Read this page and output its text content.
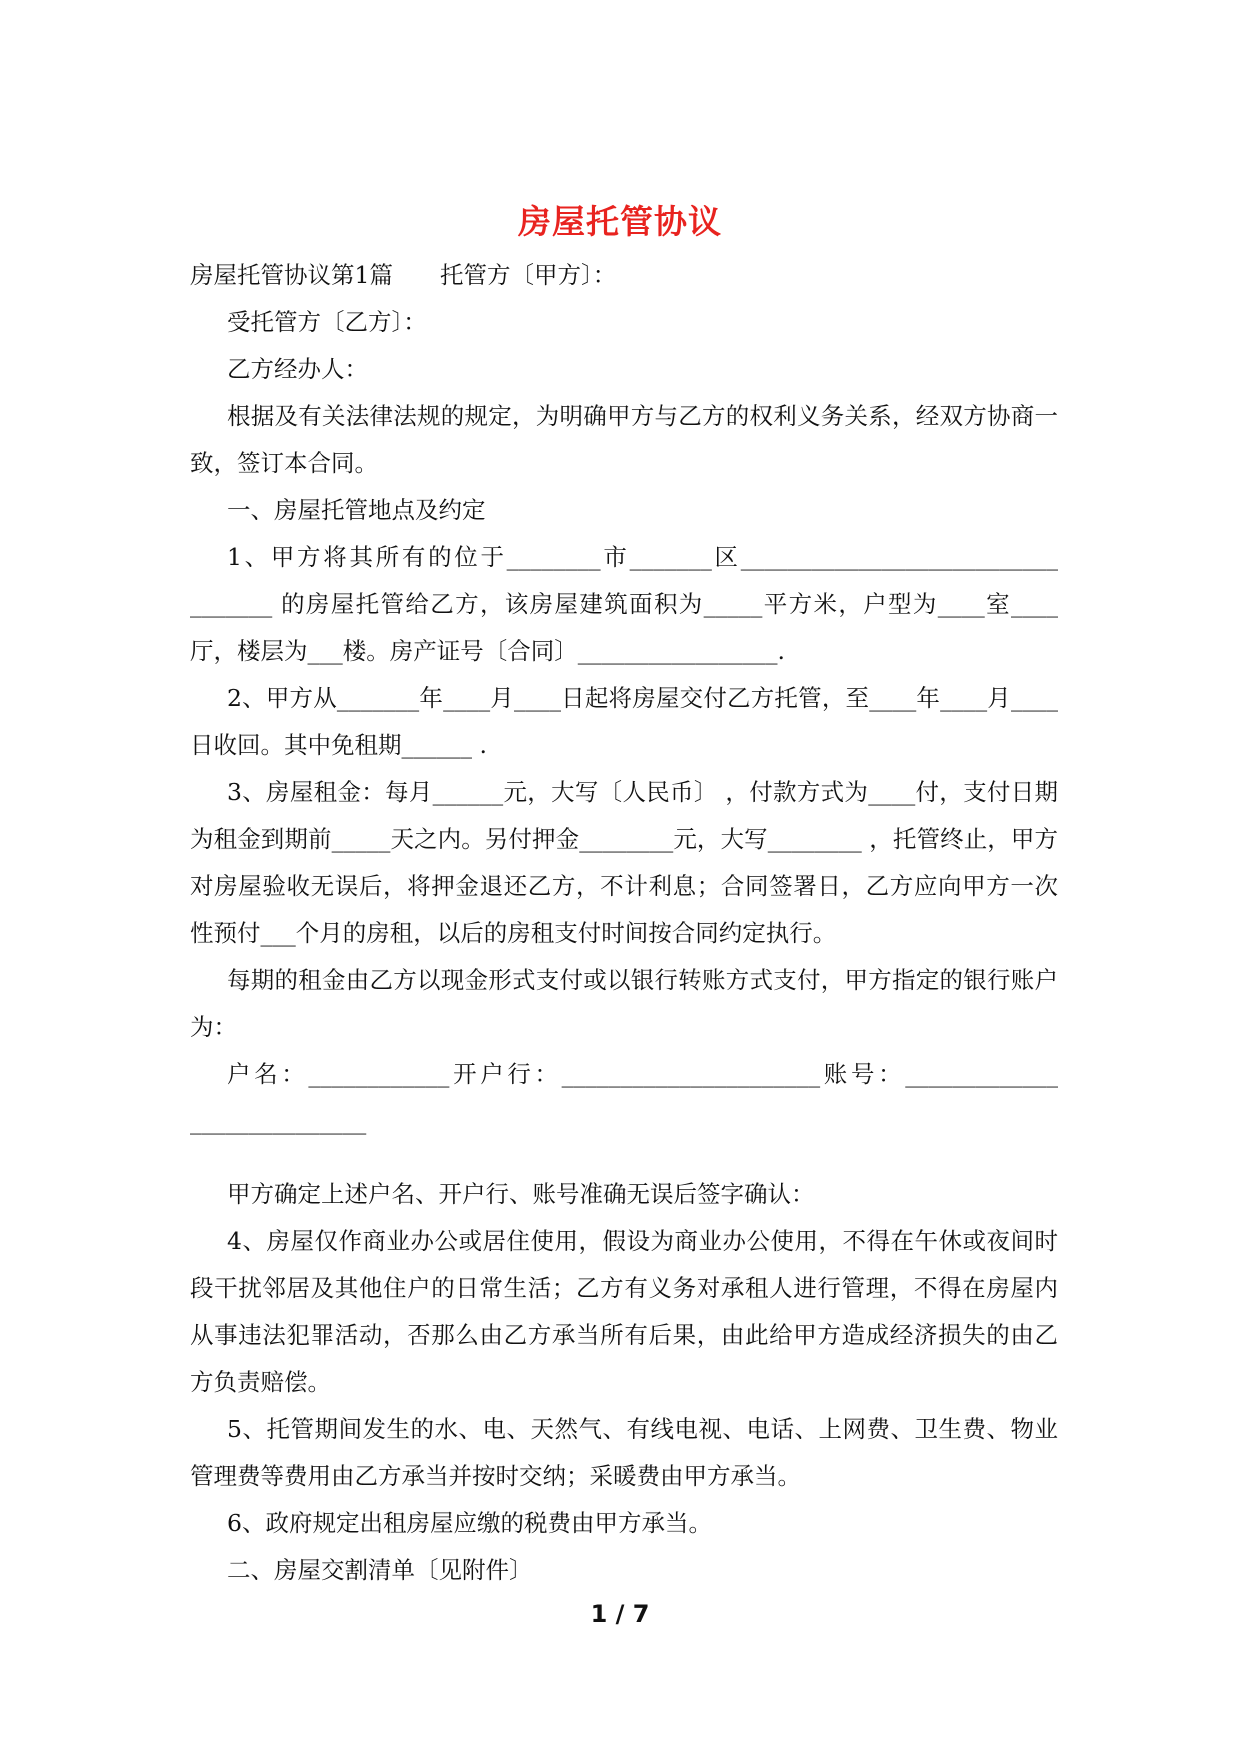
房屋托管协议

房屋托管协议第1篇　　托管方〔甲方〕：

受托管方〔乙方〕：

乙方经办人：

根据及有关法律法规的规定，为明确甲方与乙方的权利义务关系，经双方协商一致，签订本合同。

一、房屋托管地点及约定

1、甲方将其所有的位于________市_______区___________________________ _______ 的房屋托管给乙方，该房屋建筑面积为_____平方米，户型为____室____厅，楼层为___楼。房产证号〔合同〕_________________.

2、甲方从_______年____月____日起将房屋交付乙方托管，至____年____月____日收回。其中免租期______ .

3、房屋租金：每月______元，大写〔人民币〕 ，付款方式为____付，支付日期为租金到期前_____天之内。另付押金________元，大写________ ，托管终止，甲方对房屋验收无误后，将押金退还乙方，不计利息；合同签署日，乙方应向甲方一次性预付___个月的房租，以后的房租支付时间按合同约定执行。

每期的租金由乙方以现金形式支付或以银行转账方式支付，甲方指定的银行账户为：

户名：____________开户行：______________________账号：_____________ _______________

甲方确定上述户名、开户行、账号准确无误后签字确认：

4、房屋仅作商业办公或居住使用，假设为商业办公使用，不得在午休或夜间时段干扰邻居及其他住户的日常生活；乙方有义务对承租人进行管理，不得在房屋内从事违法犯罪活动，否那么由乙方承当所有后果，由此给甲方造成经济损失的由乙方负责赔偿。

5、托管期间发生的水、电、天然气、有线电视、电话、上网费、卫生费、物业管理费等费用由乙方承当并按时交纳；采暖费由甲方承当。

6、政府规定出租房屋应缴的税费由甲方承当。

二、房屋交割清单〔见附件〕

1 / 7
